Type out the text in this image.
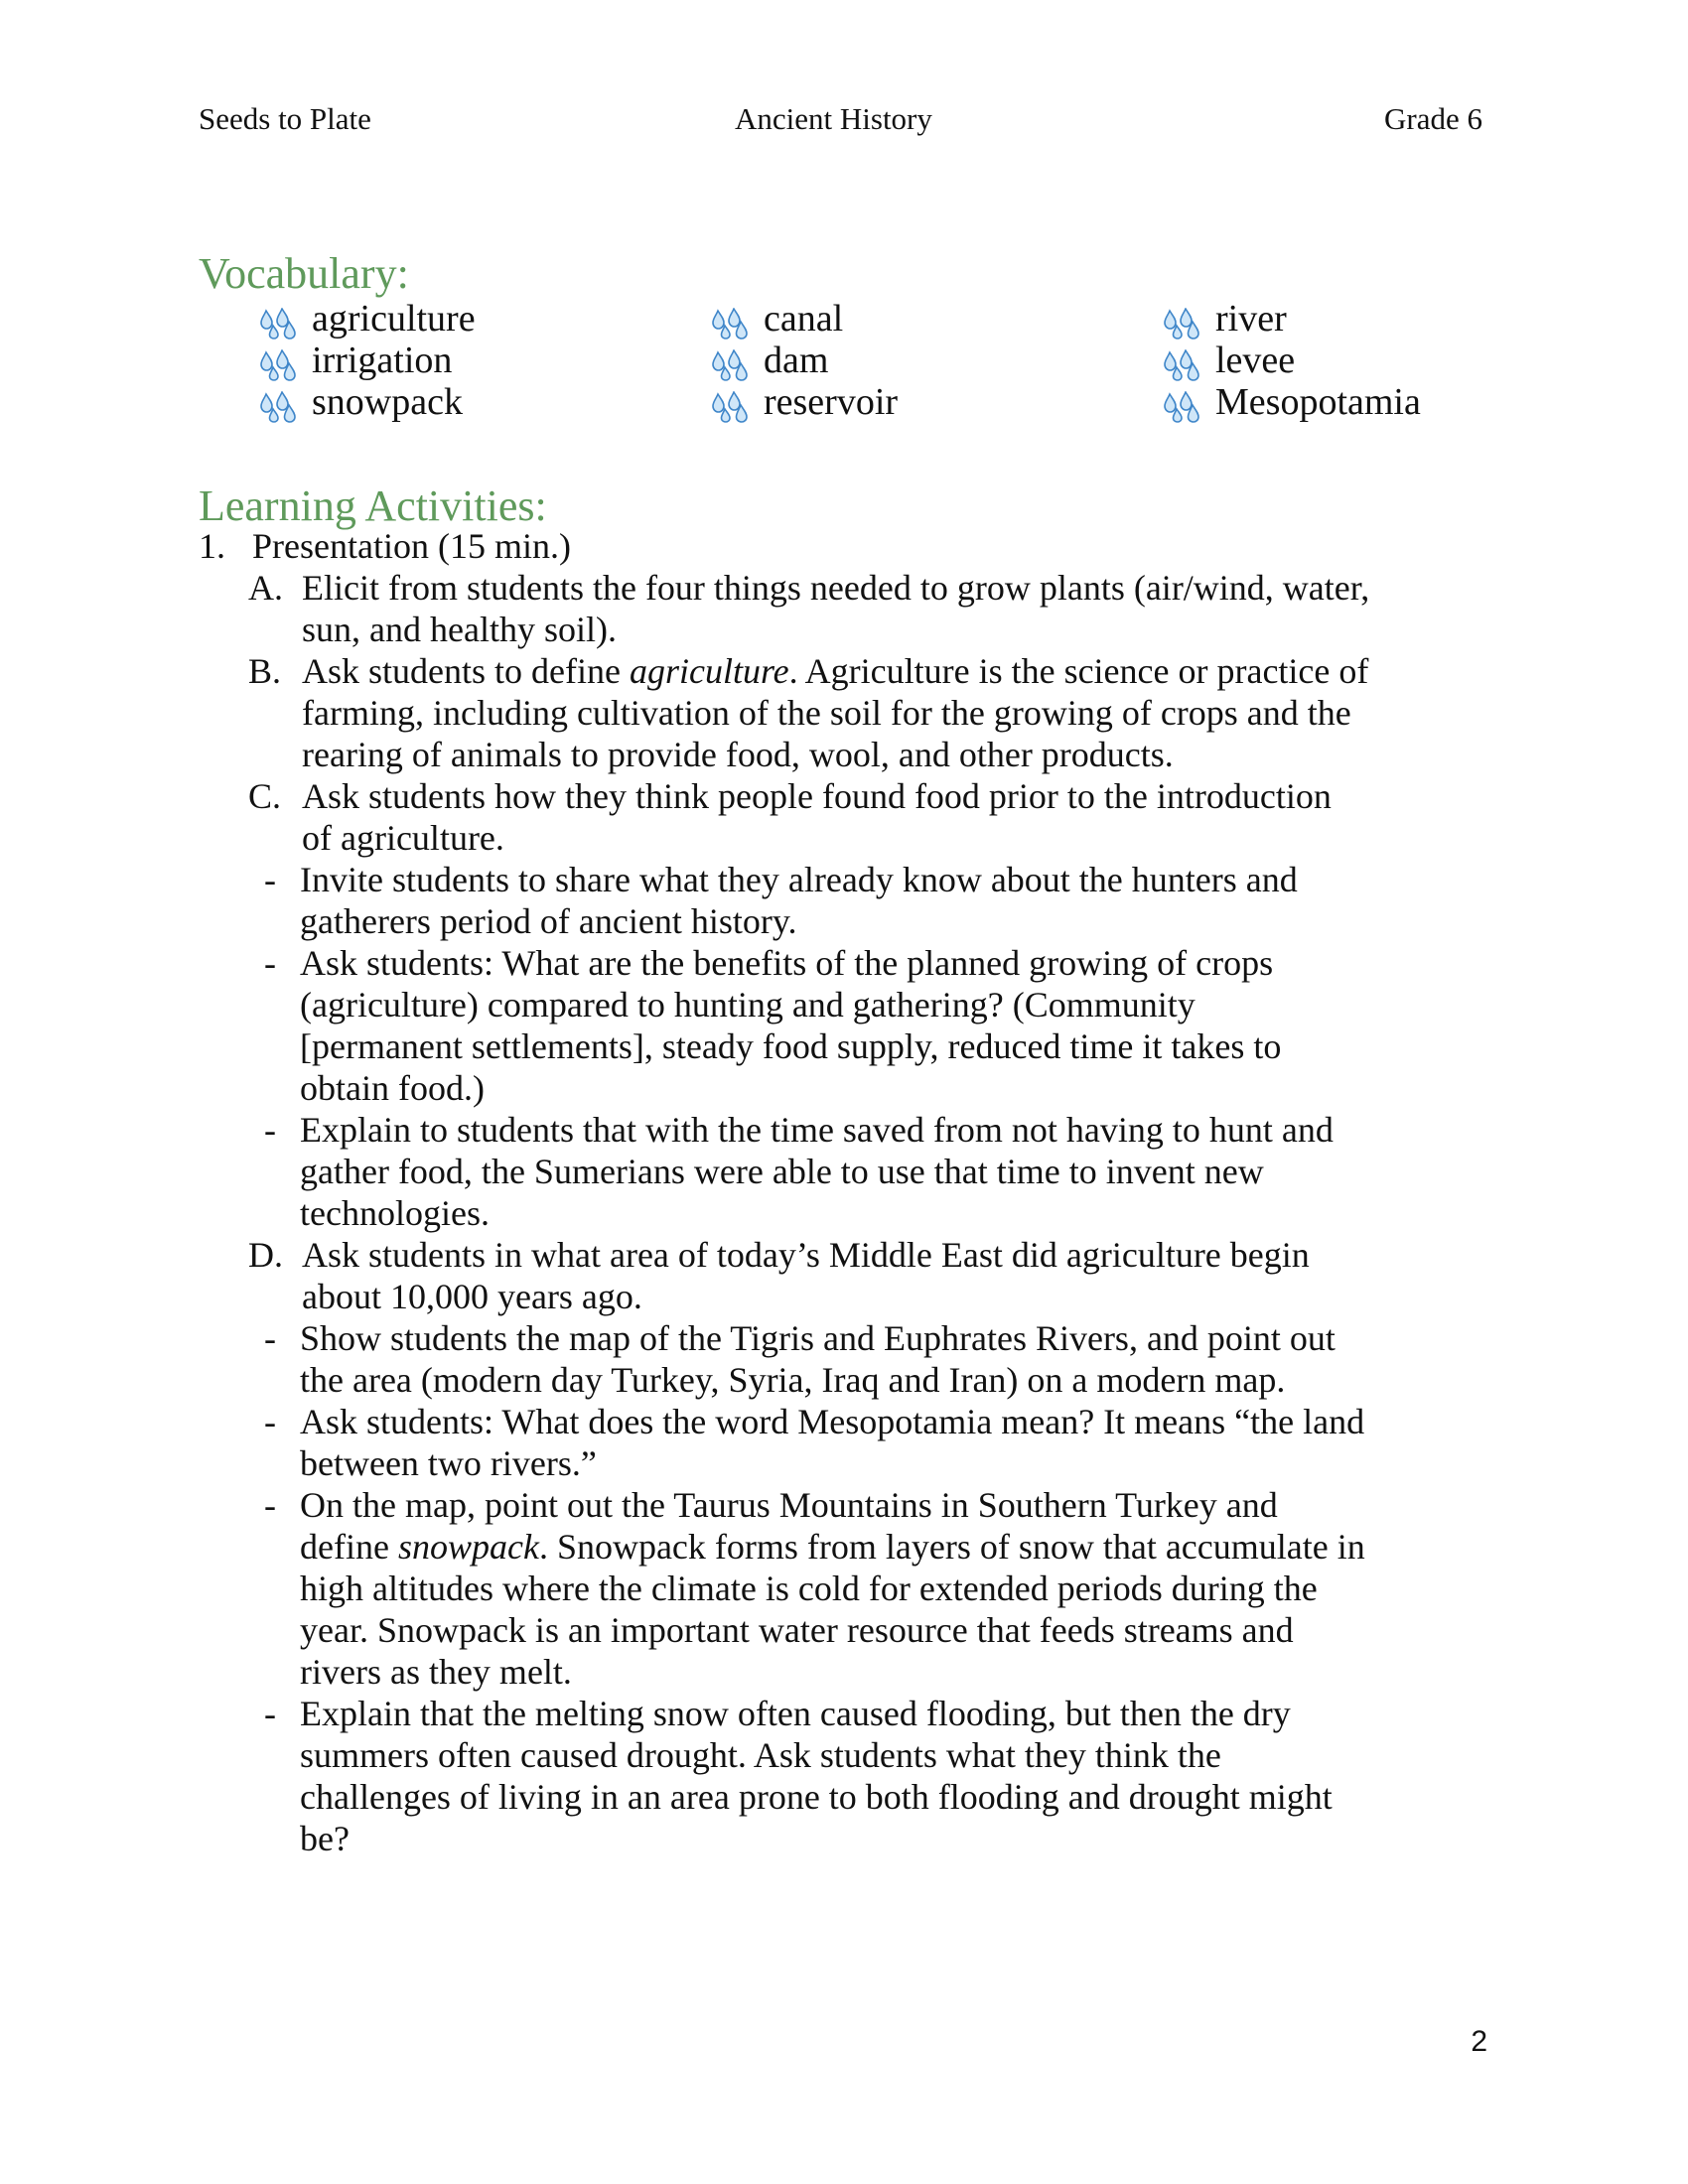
Seeds to Plate	Ancient History	Grade 6
Vocabulary:
agriculture
irrigation
snowpack
canal
dam
reservoir
river
levee
Mesopotamia
Learning Activities:
1. Presentation (15 min.)
A. Elicit from students the four things needed to grow plants (air/wind, water,
sun, and healthy soil).
B. Ask students to define agriculture. Agriculture is the science or practice of
farming, including cultivation of the soil for the growing of crops and the
rearing of animals to provide food, wool, and other products.
C. Ask students how they think people found food prior to the introduction
of agriculture.
- Invite students to share what they already know about the hunters and
gatherers period of ancient history.
- Ask students: What are the benefits of the planned growing of crops
(agriculture) compared to hunting and gathering? (Community
[permanent settlements], steady food supply, reduced time it takes to
obtain food.)
- Explain to students that with the time saved from not having to hunt and
gather food, the Sumerians were able to use that time to invent new
technologies.
D. Ask students in what area of today’s Middle East did agriculture begin
about 10,000 years ago.
- Show students the map of the Tigris and Euphrates Rivers, and point out
the area (modern day Turkey, Syria, Iraq and Iran) on a modern map.
- Ask students: What does the word Mesopotamia mean? It means “the land
between two rivers.”
- On the map, point out the Taurus Mountains in Southern Turkey and
define snowpack. Snowpack forms from layers of snow that accumulate in
high altitudes where the climate is cold for extended periods during the
year. Snowpack is an important water resource that feeds streams and
rivers as they melt.
- Explain that the melting snow often caused flooding, but then the dry
summers often caused drought. Ask students what they think the
challenges of living in an area prone to both flooding and drought might
be?
2
